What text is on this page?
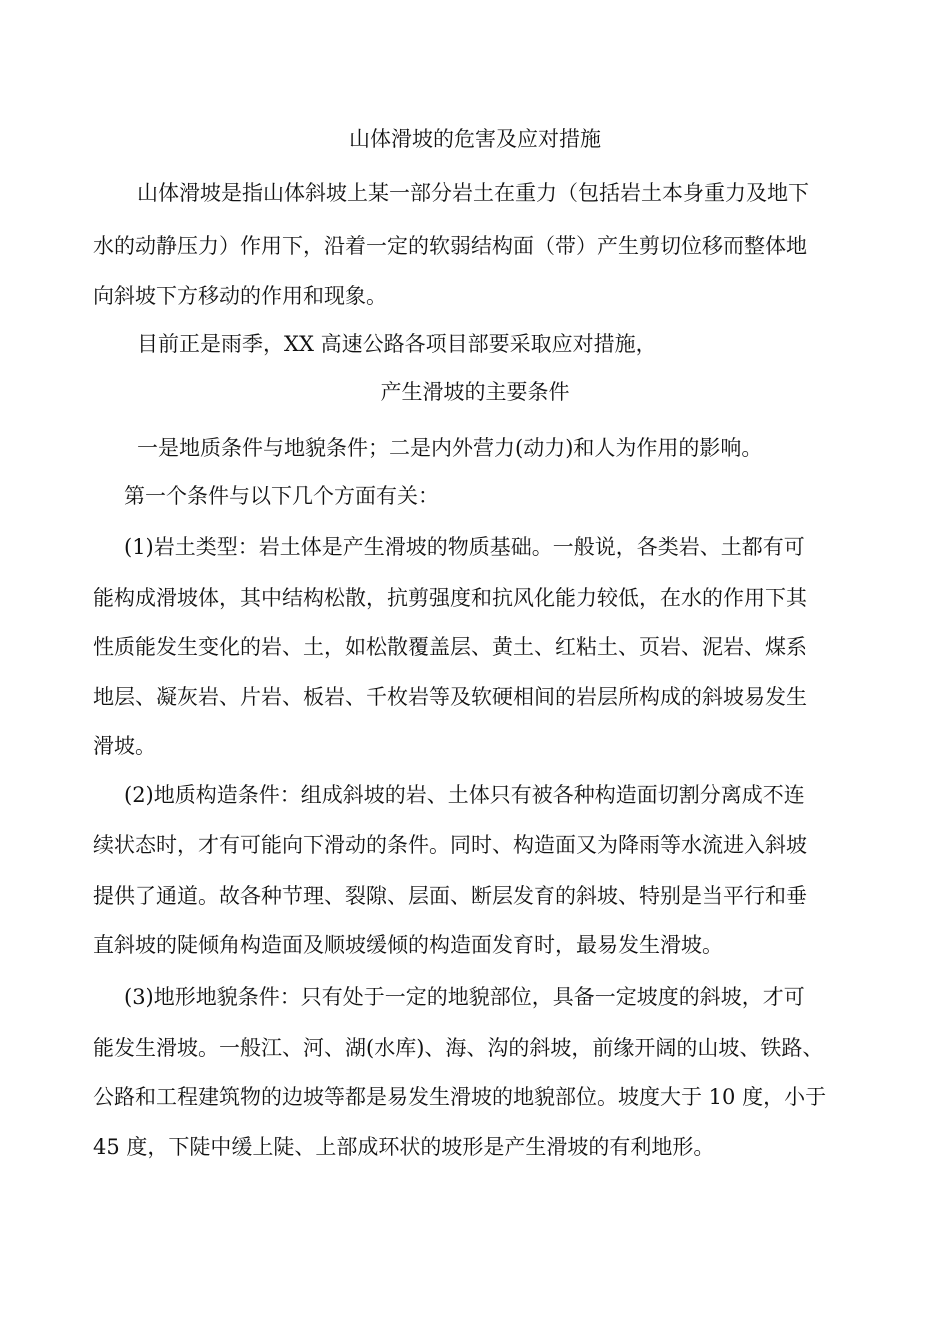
山体滑坡的危害及应对措施
山体滑坡是指山体斜坡上某一部分岩土在重力（包括岩土本身重力及地下
水的动静压力）作用下，沿着一定的软弱结构面（带）产生剪切位移而整体地
向斜坡下方移动的作用和现象。
目前正是雨季，XX 高速公路各项目部要采取应对措施，
产生滑坡的主要条件
一是地质条件与地貌条件；二是内外营力(动力)和人为作用的影响。
第一个条件与以下几个方面有关：
(1)岩土类型：岩土体是产生滑坡的物质基础。一般说，各类岩、土都有可
能构成滑坡体，其中结构松散，抗剪强度和抗风化能力较低，在水的作用下其
性质能发生变化的岩、土，如松散覆盖层、黄土、红粘土、页岩、泥岩、煤系
地层、凝灰岩、片岩、板岩、千枚岩等及软硬相间的岩层所构成的斜坡易发生
滑坡。
(2)地质构造条件：组成斜坡的岩、土体只有被各种构造面切割分离成不连
续状态时，才有可能向下滑动的条件。同时、构造面又为降雨等水流进入斜坡
提供了通道。故各种节理、裂隙、层面、断层发育的斜坡、特别是当平行和垂
直斜坡的陡倾角构造面及顺坡缓倾的构造面发育时，最易发生滑坡。
(3)地形地貌条件：只有处于一定的地貌部位，具备一定坡度的斜坡，才可
能发生滑坡。一般江、河、湖(水库)、海、沟的斜坡，前缘开阔的山坡、铁路、
公路和工程建筑物的边坡等都是易发生滑坡的地貌部位。坡度大于 10 度，小于
45 度，下陡中缓上陡、上部成环状的坡形是产生滑坡的有利地形。
